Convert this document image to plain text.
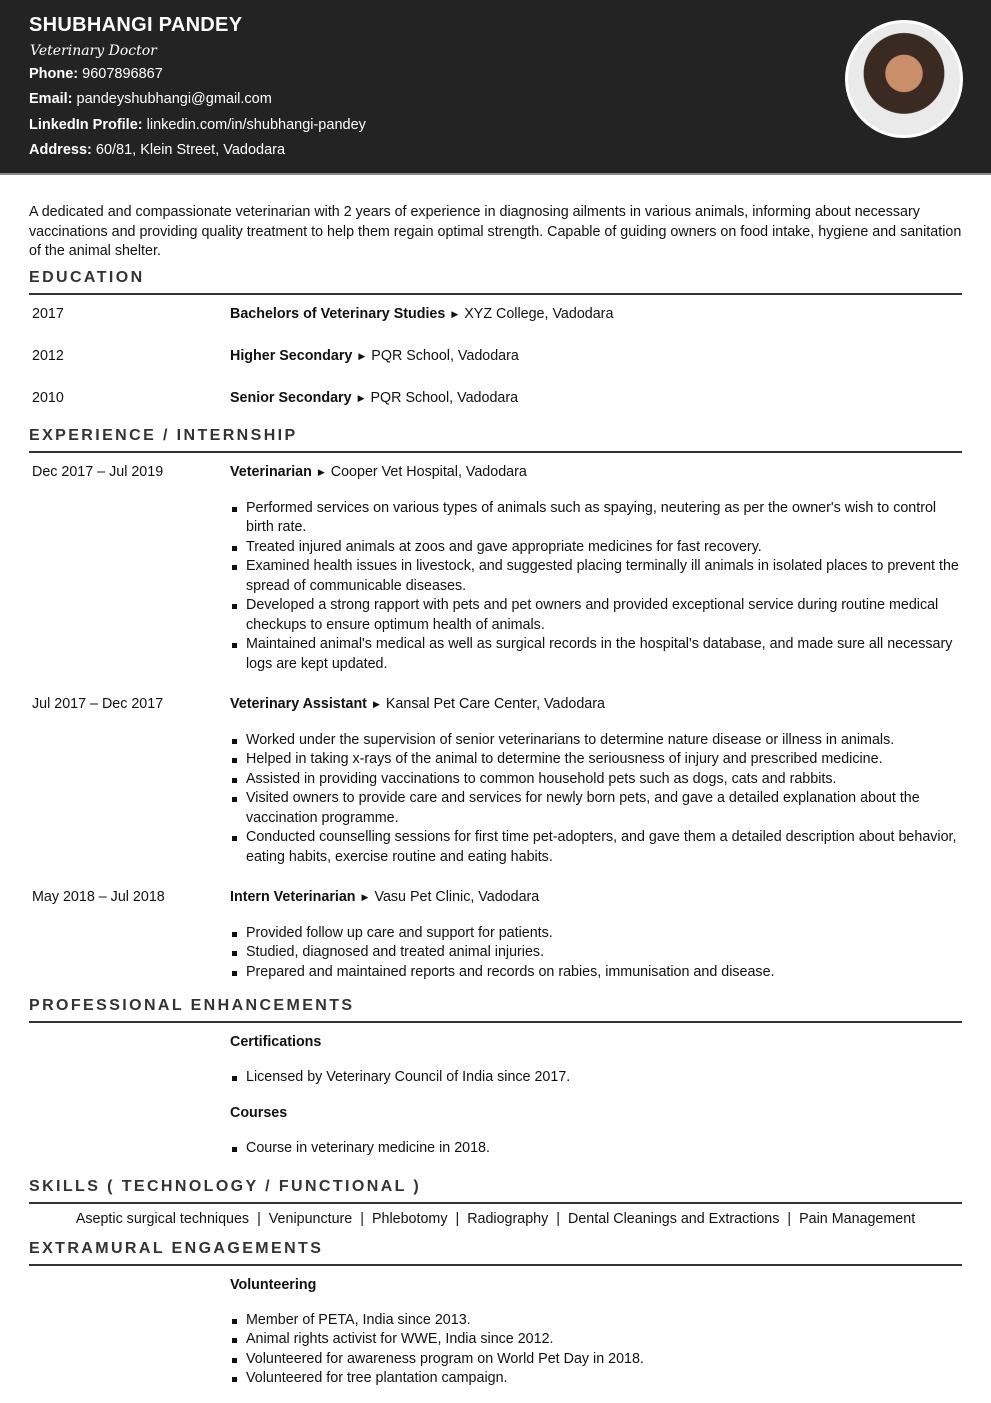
SHUBHANGI PANDEY
Veterinary Doctor
Phone: 9607896867
Email: pandeyshubhangi@gmail.com
LinkedIn Profile: linkedin.com/in/shubhangi-pandey
Address: 60/81, Klein Street, Vadodara
A dedicated and compassionate veterinarian with 2 years of experience in diagnosing ailments in various animals, informing about necessary vaccinations and providing quality treatment to help them regain optimal strength. Capable of guiding owners on food intake, hygiene and sanitation of the animal shelter.
EDUCATION
2017	Bachelors of Veterinary Studies ▶ XYZ College, Vadodara
2012	Higher Secondary ▶ PQR School, Vadodara
2010	Senior Secondary ▶ PQR School, Vadodara
EXPERIENCE / INTERNSHIP
Dec 2017 – Jul 2019	Veterinarian ▶ Cooper Vet Hospital, Vadodara
Performed services on various types of animals such as spaying, neutering as per the owner's wish to control birth rate.
Treated injured animals at zoos and gave appropriate medicines for fast recovery.
Examined health issues in livestock, and suggested placing terminally ill animals in isolated places to prevent the spread of communicable diseases.
Developed a strong rapport with pets and pet owners and provided exceptional service during routine medical checkups to ensure optimum health of animals.
Maintained animal's medical as well as surgical records in the hospital's database, and made sure all necessary logs are kept updated.
Jul 2017 – Dec 2017	Veterinary Assistant ▶ Kansal Pet Care Center, Vadodara
Worked under the supervision of senior veterinarians to determine nature disease or illness in animals.
Helped in taking x-rays of the animal to determine the seriousness of injury and prescribed medicine.
Assisted in providing vaccinations to common household pets such as dogs, cats and rabbits.
Visited owners to provide care and services for newly born pets, and gave a detailed explanation about the vaccination programme.
Conducted counselling sessions for first time pet-adopters, and gave them a detailed description about behavior, eating habits, exercise routine and eating habits.
May 2018 – Jul 2018	Intern Veterinarian ▶ Vasu Pet Clinic, Vadodara
Provided follow up care and support for patients.
Studied, diagnosed and treated animal injuries.
Prepared and maintained reports and records on rabies, immunisation and disease.
PROFESSIONAL ENHANCEMENTS
Certifications
Licensed by Veterinary Council of India since 2017.
Courses
Course in veterinary medicine in 2018.
SKILLS ( TECHNOLOGY / FUNCTIONAL )
Aseptic surgical techniques | Venipuncture | Phlebotomy | Radiography | Dental Cleanings and Extractions | Pain Management
EXTRAMURAL ENGAGEMENTS
Volunteering
Member of PETA, India since 2013.
Animal rights activist for WWE, India since 2012.
Volunteered for awareness program on World Pet Day in 2018.
Volunteered for tree plantation campaign.
